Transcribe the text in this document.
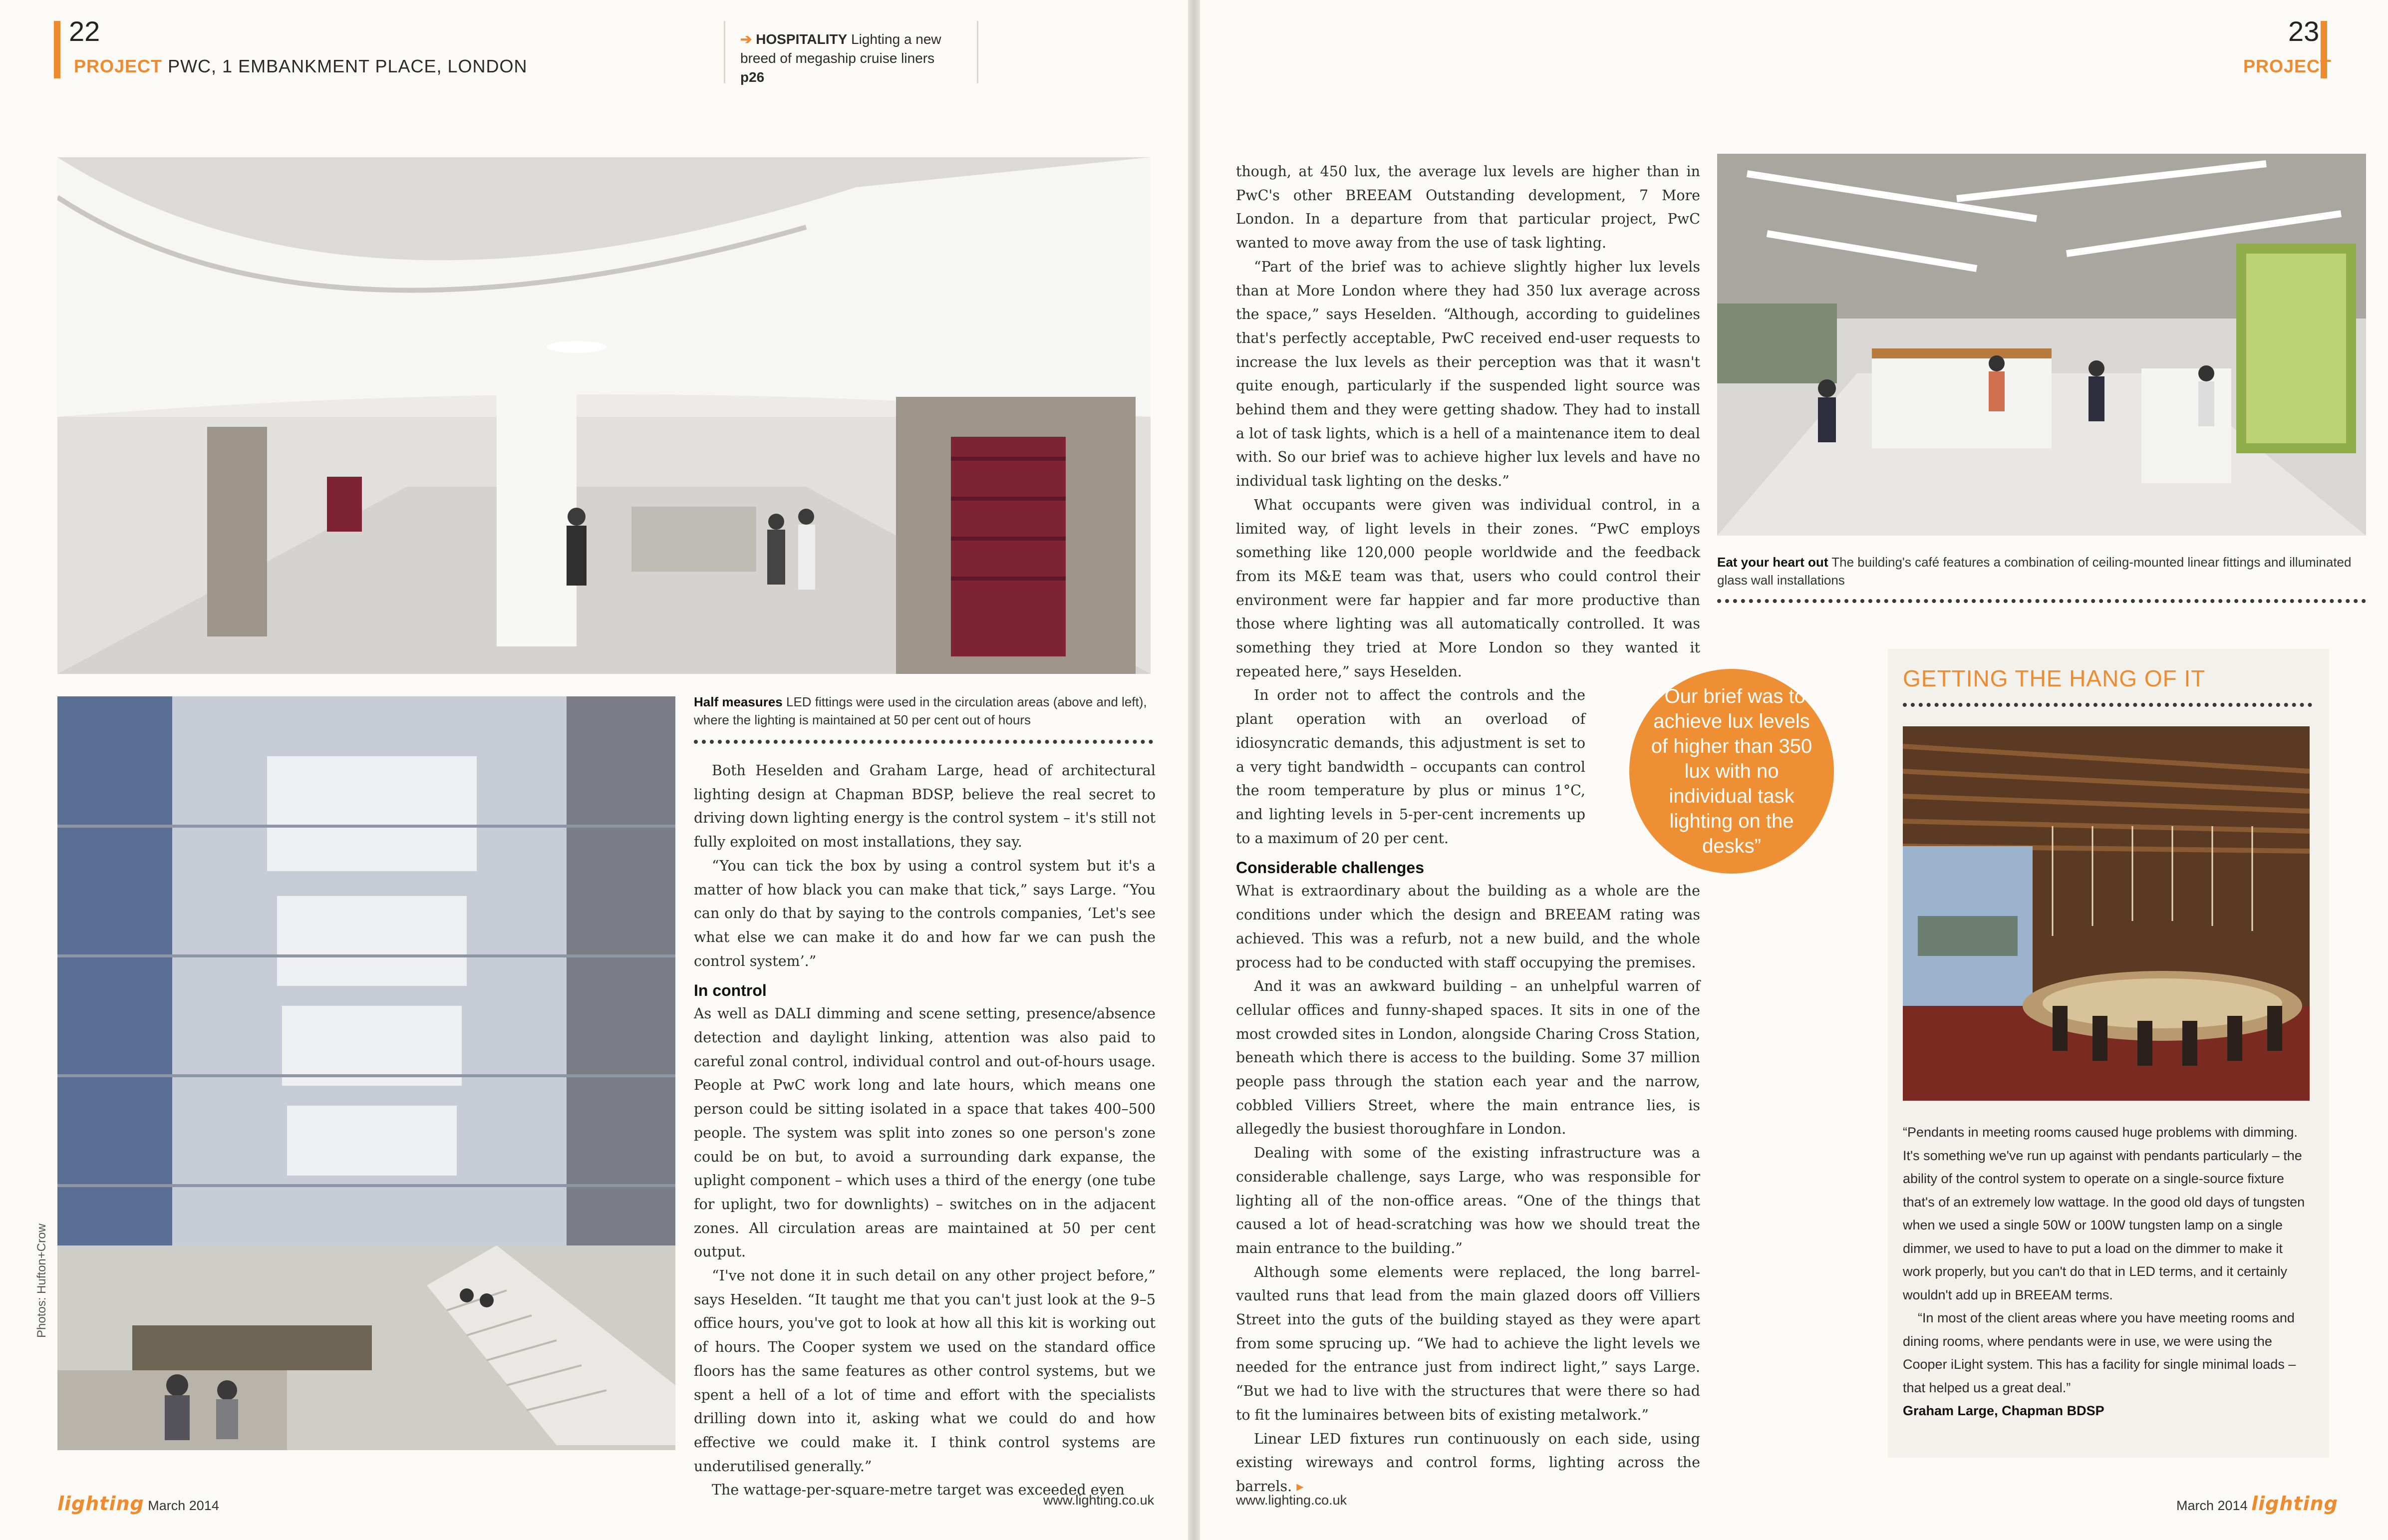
22
PROJECT PWC, 1 EMBANKMENT PLACE, LONDON
➔ HOSPITALITY Lighting a new breed of megaship cruise liners p26
Photos: Hufton+Crow
Half measures LED fittings were used in the circulation areas (above and left), where the lighting is maintained at 50 per cent out of hours

Both Heselden and Graham Large, head of architectural lighting design at Chapman BDSP, believe the real secret to driving down lighting energy is the control system – it's still not fully exploited on most installations, they say.

“You can tick the box by using a control system but it's a matter of how black you can make that tick,” says Large. “You can only do that by saying to the controls companies, ‘Let's see what else we can make it do and how far we can push the control system’.”

In control

As well as DALI dimming and scene setting, presence/absence detection and daylight linking, attention was also paid to careful zonal control, individual control and out-of-hours usage. People at PwC work long and late hours, which means one person could be sitting isolated in a space that takes 400–500 people. The system was split into zones so one person's zone could be on but, to avoid a surrounding dark expanse, the uplight component – which uses a third of the energy (one tube for uplight, two for downlights) – switches on in the adjacent zones. All circulation areas are maintained at 50 per cent output.

“I've not done it in such detail on any other project before,” says Heselden. “It taught me that you can't just look at the 9–5 office hours, you've got to look at how all this kit is working out of hours. The Cooper system we used on the standard office floors has the same features as other control systems, but we spent a hell of a lot of time and effort with the specialists drilling down into it, asking what we could do and how effective we could make it. I think control systems are underutilised generally.”

The wattage-per-square-metre target was exceeded even

lighting March 2014	www.lighting.co.uk
23
PROJECT

though, at 450 lux, the average lux levels are higher than in PwC's other BREEAM Outstanding development, 7 More London. In a departure from that particular project, PwC wanted to move away from the use of task lighting.

“Part of the brief was to achieve slightly higher lux levels than at More London where they had 350 lux average across the space,” says Heselden. “Although, according to guidelines that's perfectly acceptable, PwC received end-user requests to increase the lux levels as their perception was that it wasn't quite enough, particularly if the suspended light source was behind them and they were getting shadow. They had to install a lot of task lights, which is a hell of a maintenance item to deal with. So our brief was to achieve higher lux levels and have no individual task lighting on the desks.”

What occupants were given was individual control, in a limited way, of light levels in their zones. “PwC employs something like 120,000 people worldwide and the feedback from its M&E team was that, users who could control their environment were far happier and far more productive than those where lighting was all automatically controlled. It was something they tried at More London so they wanted it repeated here,” says Heselden.

In order not to affect the controls and the plant operation with an overload of idiosyncratic demands, this adjustment is set to a very tight bandwidth – occupants can control the room temperature by plus or minus 1°C, and lighting levels in 5-per-cent increments up to a maximum of 20 per cent.

Considerable challenges

What is extraordinary about the building as a whole are the conditions under which the design and BREEAM rating was achieved. This was a refurb, not a new build, and the whole process had to be conducted with staff occupying the premises.

And it was an awkward building – an unhelpful warren of cellular offices and funny-shaped spaces. It sits in one of the most crowded sites in London, alongside Charing Cross Station, beneath which there is access to the building. Some 37 million people pass through the station each year and the narrow, cobbled Villiers Street, where the main entrance lies, is allegedly the busiest thoroughfare in London.

Dealing with some of the existing infrastructure was a considerable challenge, says Large, who was responsible for lighting all of the non-office areas. “One of the things that caused a lot of head-scratching was how we should treat the main entrance to the building.”

Although some elements were replaced, the long barrel-vaulted runs that lead from the main glazed doors off Villiers Street into the guts of the building stayed as they were apart from some sprucing up. “We had to achieve the light levels we needed for the entrance just from indirect light,” says Large. “But we had to live with the structures that were there so had to fit the luminaires between bits of existing metalwork.”

Linear LED fixtures run continuously on each side, using existing wireways and control forms, lighting across the barrels. ▸

Eat your heart out The building's café features a combination of ceiling-mounted linear fittings and illuminated glass wall installations
“Our brief was to achieve lux levels of higher than 350 lux with no individual task lighting on the desks”
GETTING THE HANG OF IT

“Pendants in meeting rooms caused huge problems with dimming. It's something we've run up against with pendants particularly – the ability of the control system to operate on a single-source fixture that's of an extremely low wattage. In the good old days of tungsten when we used a single 50W or 100W tungsten lamp on a single dimmer, we used to have to put a load on the dimmer to make it work properly, but you can't do that in LED terms, and it certainly wouldn't add up in BREEAM terms.

“In most of the client areas where you have meeting rooms and dining rooms, where pendants were in use, we were using the Cooper iLight system. This has a facility for single minimal loads – that helped us a great deal.”

Graham Large, Chapman BDSP

www.lighting.co.uk	March 2014 lighting
